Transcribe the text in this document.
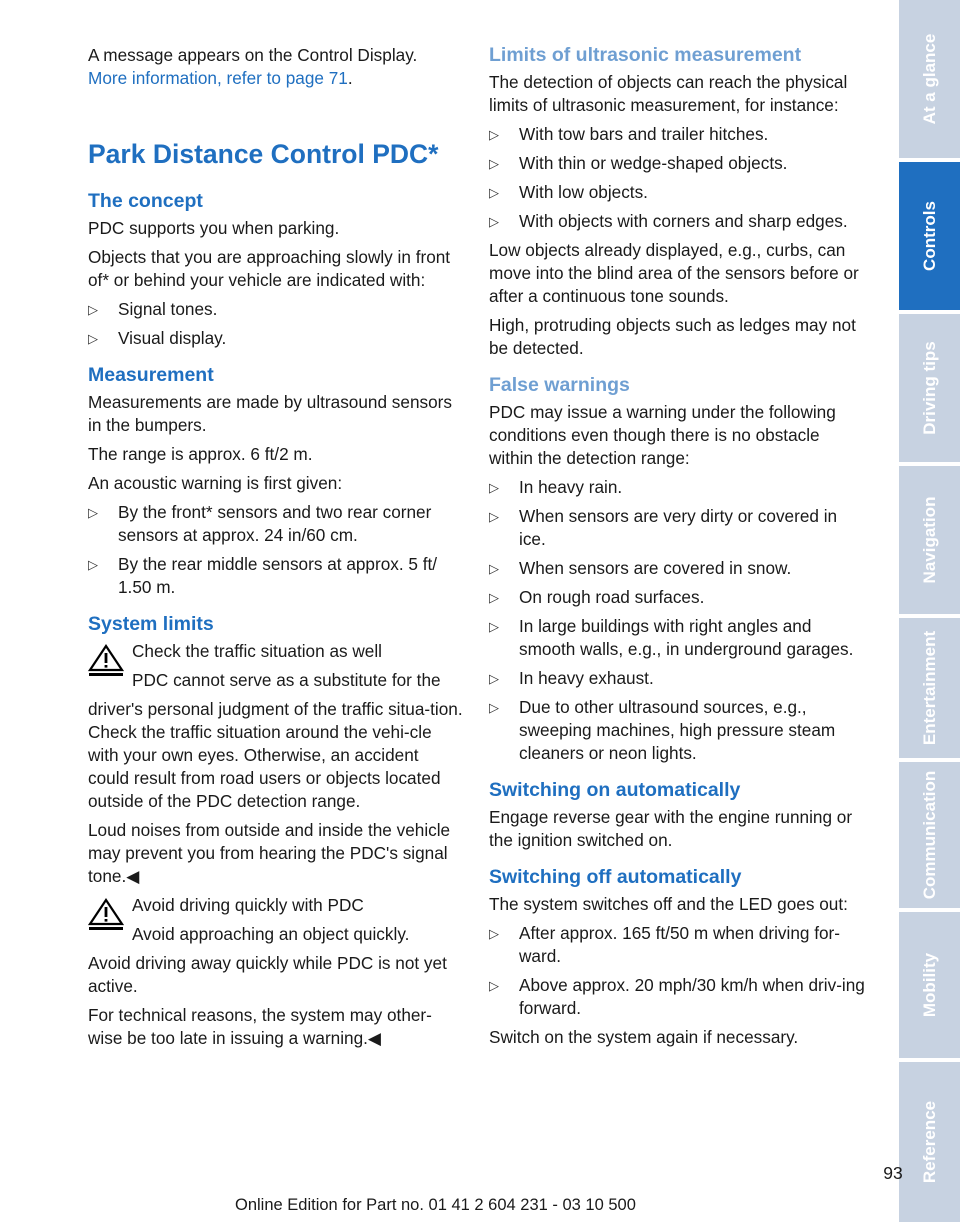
A message appears on the Control Display.
More information, refer to page 71.

Park Distance Control PDC*
The concept

PDC supports you when parking.

Objects that you are approaching slowly in front of* or behind your vehicle are indicated with:

▷ Signal tones.
▷ Visual display.
Measurement

Measurements are made by ultrasound sensors in the bumpers.

The range is approx. 6 ft/2 m.

An acoustic warning is first given:

▷ By the front* sensors and two rear corner sensors at approx. 24 in/60 cm.
▷ By the rear middle sensors at approx. 5 ft/ 1.50 m.
System limits

Check the traffic situation as well

PDC cannot serve as a substitute for the

driver's personal judgment of the traffic situa-tion. Check the traffic situation around the vehi-cle with your own eyes. Otherwise, an accident could result from road users or objects located outside of the PDC detection range.

Loud noises from outside and inside the vehicle may prevent you from hearing the PDC's signal tone.◀

Avoid driving quickly with PDC

Avoid approaching an object quickly.

Avoid driving away quickly while PDC is not yet active.

For technical reasons, the system may other-wise be too late in issuing a warning.◀

Limits of ultrasonic measurement

The detection of objects can reach the physical limits of ultrasonic measurement, for instance:

▷ With tow bars and trailer hitches.
▷ With thin or wedge-shaped objects.
▷ With low objects.
▷ With objects with corners and sharp edges.

Low objects already displayed, e.g., curbs, can move into the blind area of the sensors before or after a continuous tone sounds.

High, protruding objects such as ledges may not be detected.

False warnings

PDC may issue a warning under the following conditions even though there is no obstacle within the detection range:

▷ In heavy rain.
▷ When sensors are very dirty or covered in ice.
▷ When sensors are covered in snow.
▷ On rough road surfaces.
▷ In large buildings with right angles and smooth walls, e.g., in underground garages.
▷ In heavy exhaust.
▷ Due to other ultrasound sources, e.g., sweeping machines, high pressure steam cleaners or neon lights.
Switching on automatically

Engage reverse gear with the engine running or the ignition switched on.

Switching off automatically

The system switches off and the LED goes out:

▷ After approx. 165 ft/50 m when driving for-ward.
▷ Above approx. 20 mph/30 km/h when driv-ing forward.

Switch on the system again if necessary.

At a glance
Controls
Driving tips
Navigation
Entertainment
Communication
Mobility
Reference
93
Online Edition for Part no. 01 41 2 604 231 - 03 10 500
